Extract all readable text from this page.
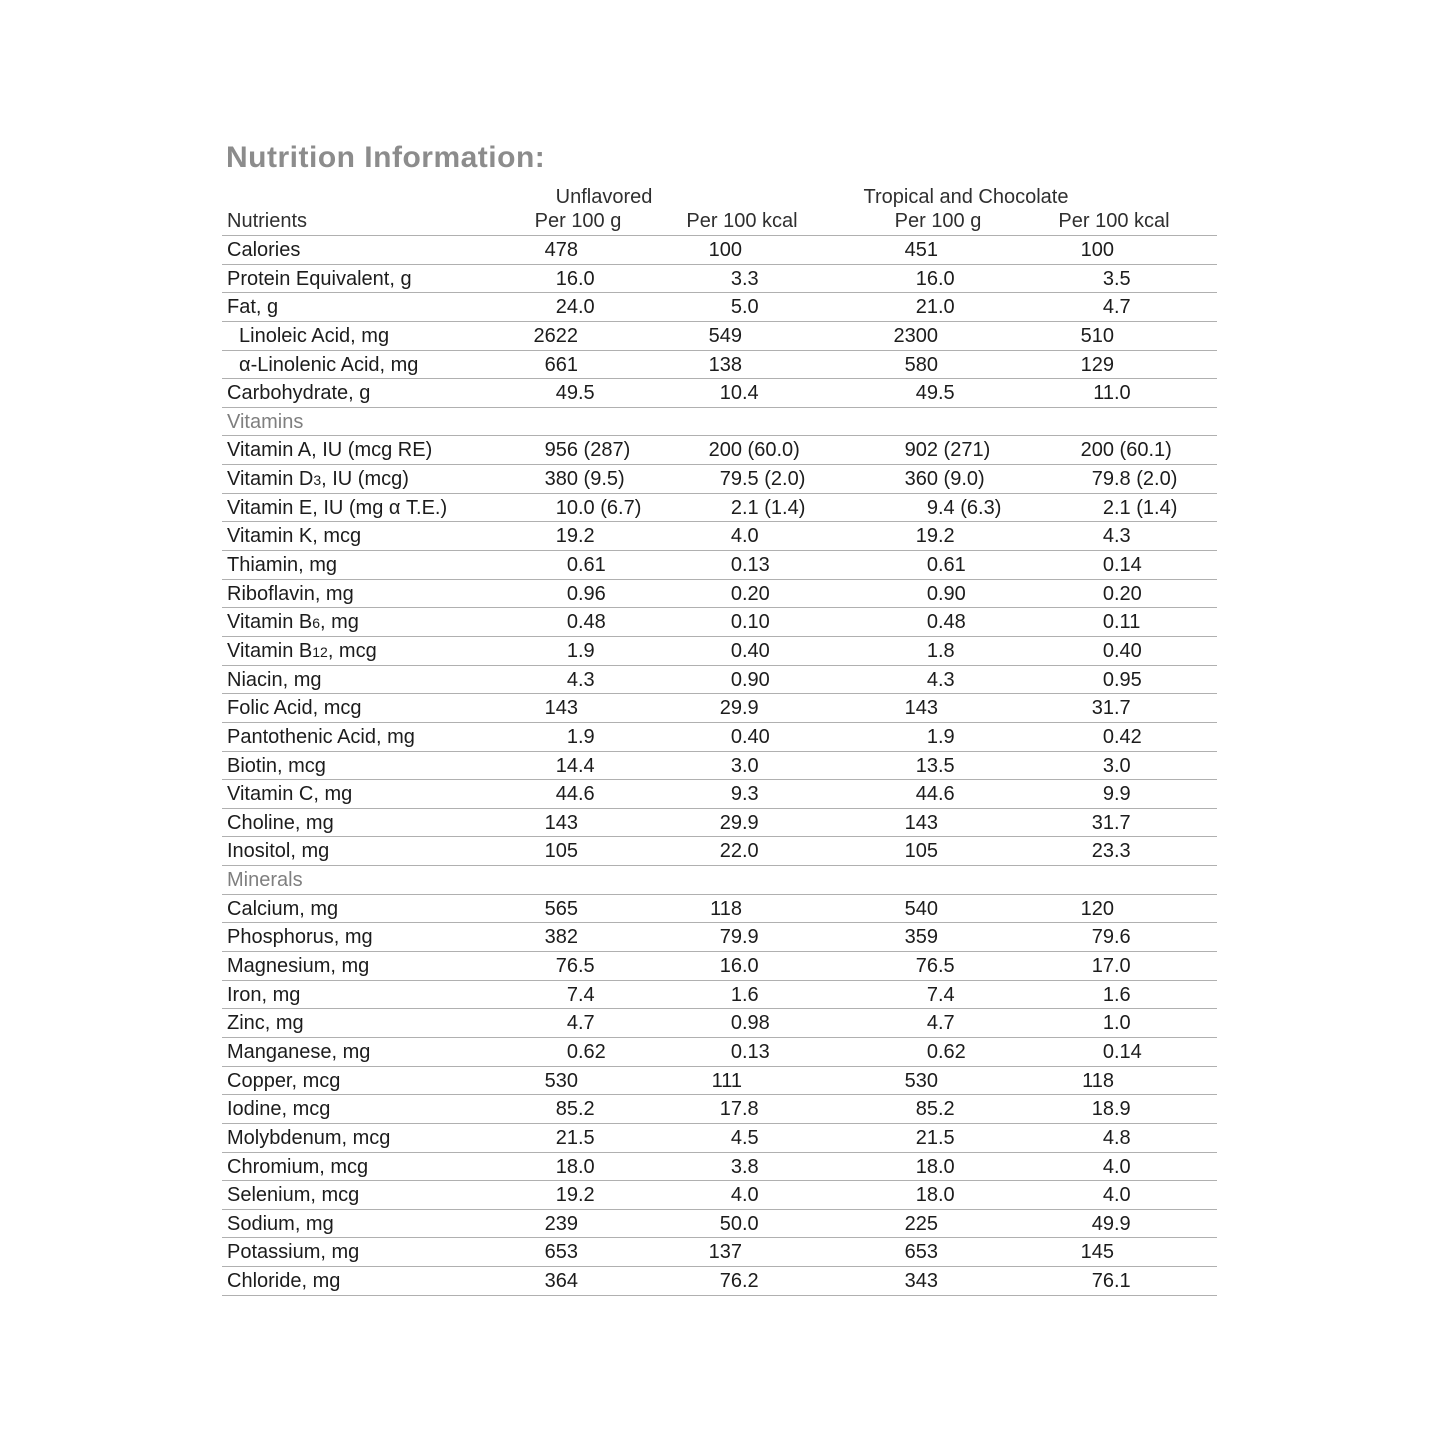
Nutrition Information:
Unflavored	Tropical and Chocolate
Nutrients	Per 100 g	Per 100 kcal	Per 100 g	Per 100 kcal
Calories	478	100	451	100
Protein Equivalent, g	16 .0	3 .3	16 .0	3 .5
Fat, g	24 .0	5 .0	21 .0	4 .7
Linoleic Acid, mg	2622	549	2300	510
α-Linolenic Acid, mg	661	138	580	129
Carbohydrate, g	49 .5	10 .4	49 .5	11 .0
Vitamins
Vitamin A, IU (mcg RE)	956 (287)	200 (60.0)	902 (271)	200 (60.1)
Vitamin D3, IU (mcg)	380 (9.5)	79 .5 (2.0)	360 (9.0)	79 .8 (2.0)
Vitamin E, IU (mg α T.E.)	10 .0 (6.7)	2 .1 (1.4)	9 .4 (6.3)	2 .1 (1.4)
Vitamin K, mcg	19 .2	4 .0	19 .2	4 .3
Thiamin, mg	0 .61	0 .13	0 .61	0 .14
Riboflavin, mg	0 .96	0 .20	0 .90	0 .20
Vitamin B6, mg	0 .48	0 .10	0 .48	0 .11
Vitamin B12, mcg	1 .9	0 .40	1 .8	0 .40
Niacin, mg	4 .3	0 .90	4 .3	0 .95
Folic Acid, mcg	143	29 .9	143	31 .7
Pantothenic Acid, mg	1 .9	0 .40	1 .9	0 .42
Biotin, mcg	14 .4	3 .0	13 .5	3 .0
Vitamin C, mg	44 .6	9 .3	44 .6	9 .9
Choline, mg	143	29 .9	143	31 .7
Inositol, mg	105	22 .0	105	23 .3
Minerals
Calcium, mg	565	118	540	120
Phosphorus, mg	382	79 .9	359	79 .6
Magnesium, mg	76 .5	16 .0	76 .5	17 .0
Iron, mg	7 .4	1 .6	7 .4	1 .6
Zinc, mg	4 .7	0 .98	4 .7	1 .0
Manganese, mg	0 .62	0 .13	0 .62	0 .14
Copper, mcg	530	111	530	118
Iodine, mcg	85 .2	17 .8	85 .2	18 .9
Molybdenum, mcg	21 .5	4 .5	21 .5	4 .8
Chromium, mcg	18 .0	3 .8	18 .0	4 .0
Selenium, mcg	19 .2	4 .0	18 .0	4 .0
Sodium, mg	239	50 .0	225	49 .9
Potassium, mg	653	137	653	145
Chloride, mg	364	76 .2	343	76 .1
